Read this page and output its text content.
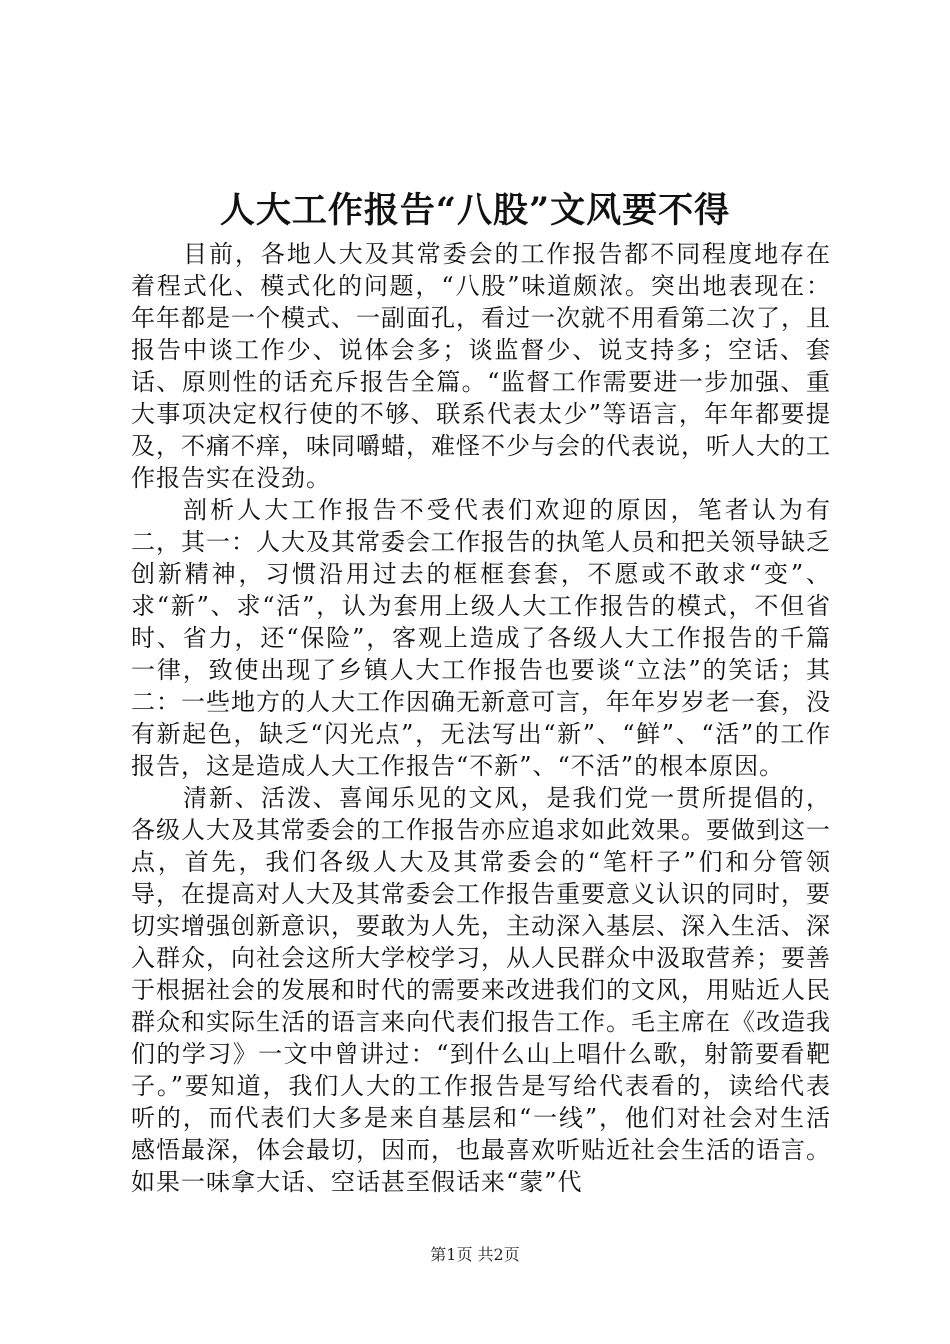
人大工作报告“八股”文风要不得

目前，各地人大及其常委会的工作报告都不同程度地存在着程式化、模式化的问题，“八股”味道颇浓。突出地表现在：年年都是一个模式、一副面孔，看过一次就不用看第二次了，且报告中谈工作少、说体会多；谈监督少、说支持多；空话、套话、原则性的话充斥报告全篇。“监督工作需要进一步加强、重大事项决定权行使的不够、联系代表太少”等语言，年年都要提及，不痛不痒，味同嚼蜡，难怪不少与会的代表说，听人大的工作报告实在没劲。

剖析人大工作报告不受代表们欢迎的原因，笔者认为有二，其一：人大及其常委会工作报告的执笔人员和把关领导缺乏创新精神，习惯沿用过去的框框套套，不愿或不敢求“变”、求“新”、求“活”，认为套用上级人大工作报告的模式，不但省时、省力，还“保险”，客观上造成了各级人大工作报告的千篇一律，致使出现了乡镇人大工作报告也要谈“立法”的笑话；其二：一些地方的人大工作因确无新意可言，年年岁岁老一套，没有新起色，缺乏“闪光点”，无法写出“新”、“鲜”、“活”的工作报告，这是造成人大工作报告“不新”、“不活”的根本原因。

清新、活泼、喜闻乐见的文风，是我们党一贯所提倡的，各级人大及其常委会的工作报告亦应追求如此效果。要做到这一点，首先，我们各级人大及其常委会的“笔杆子”们和分管领导，在提高对人大及其常委会工作报告重要意义认识的同时，要切实增强创新意识，要敢为人先，主动深入基层、深入生活、深入群众，向社会这所大学校学习，从人民群众中汲取营养；要善于根据社会的发展和时代的需要来改进我们的文风，用贴近人民群众和实际生活的语言来向代表们报告工作。毛主席在《改造我们的学习》一文中曾讲过：“到什么山上唱什么歌，射箭要看靶子。”要知道，我们人大的工作报告是写给代表看的，读给代表听的，而代表们大多是来自基层和“一线”，他们对社会对生活感悟最深，体会最切，因而，也最喜欢听贴近社会生活的语言。如果一味拿大话、空话甚至假话来“蒙”代

第1页 共2页
